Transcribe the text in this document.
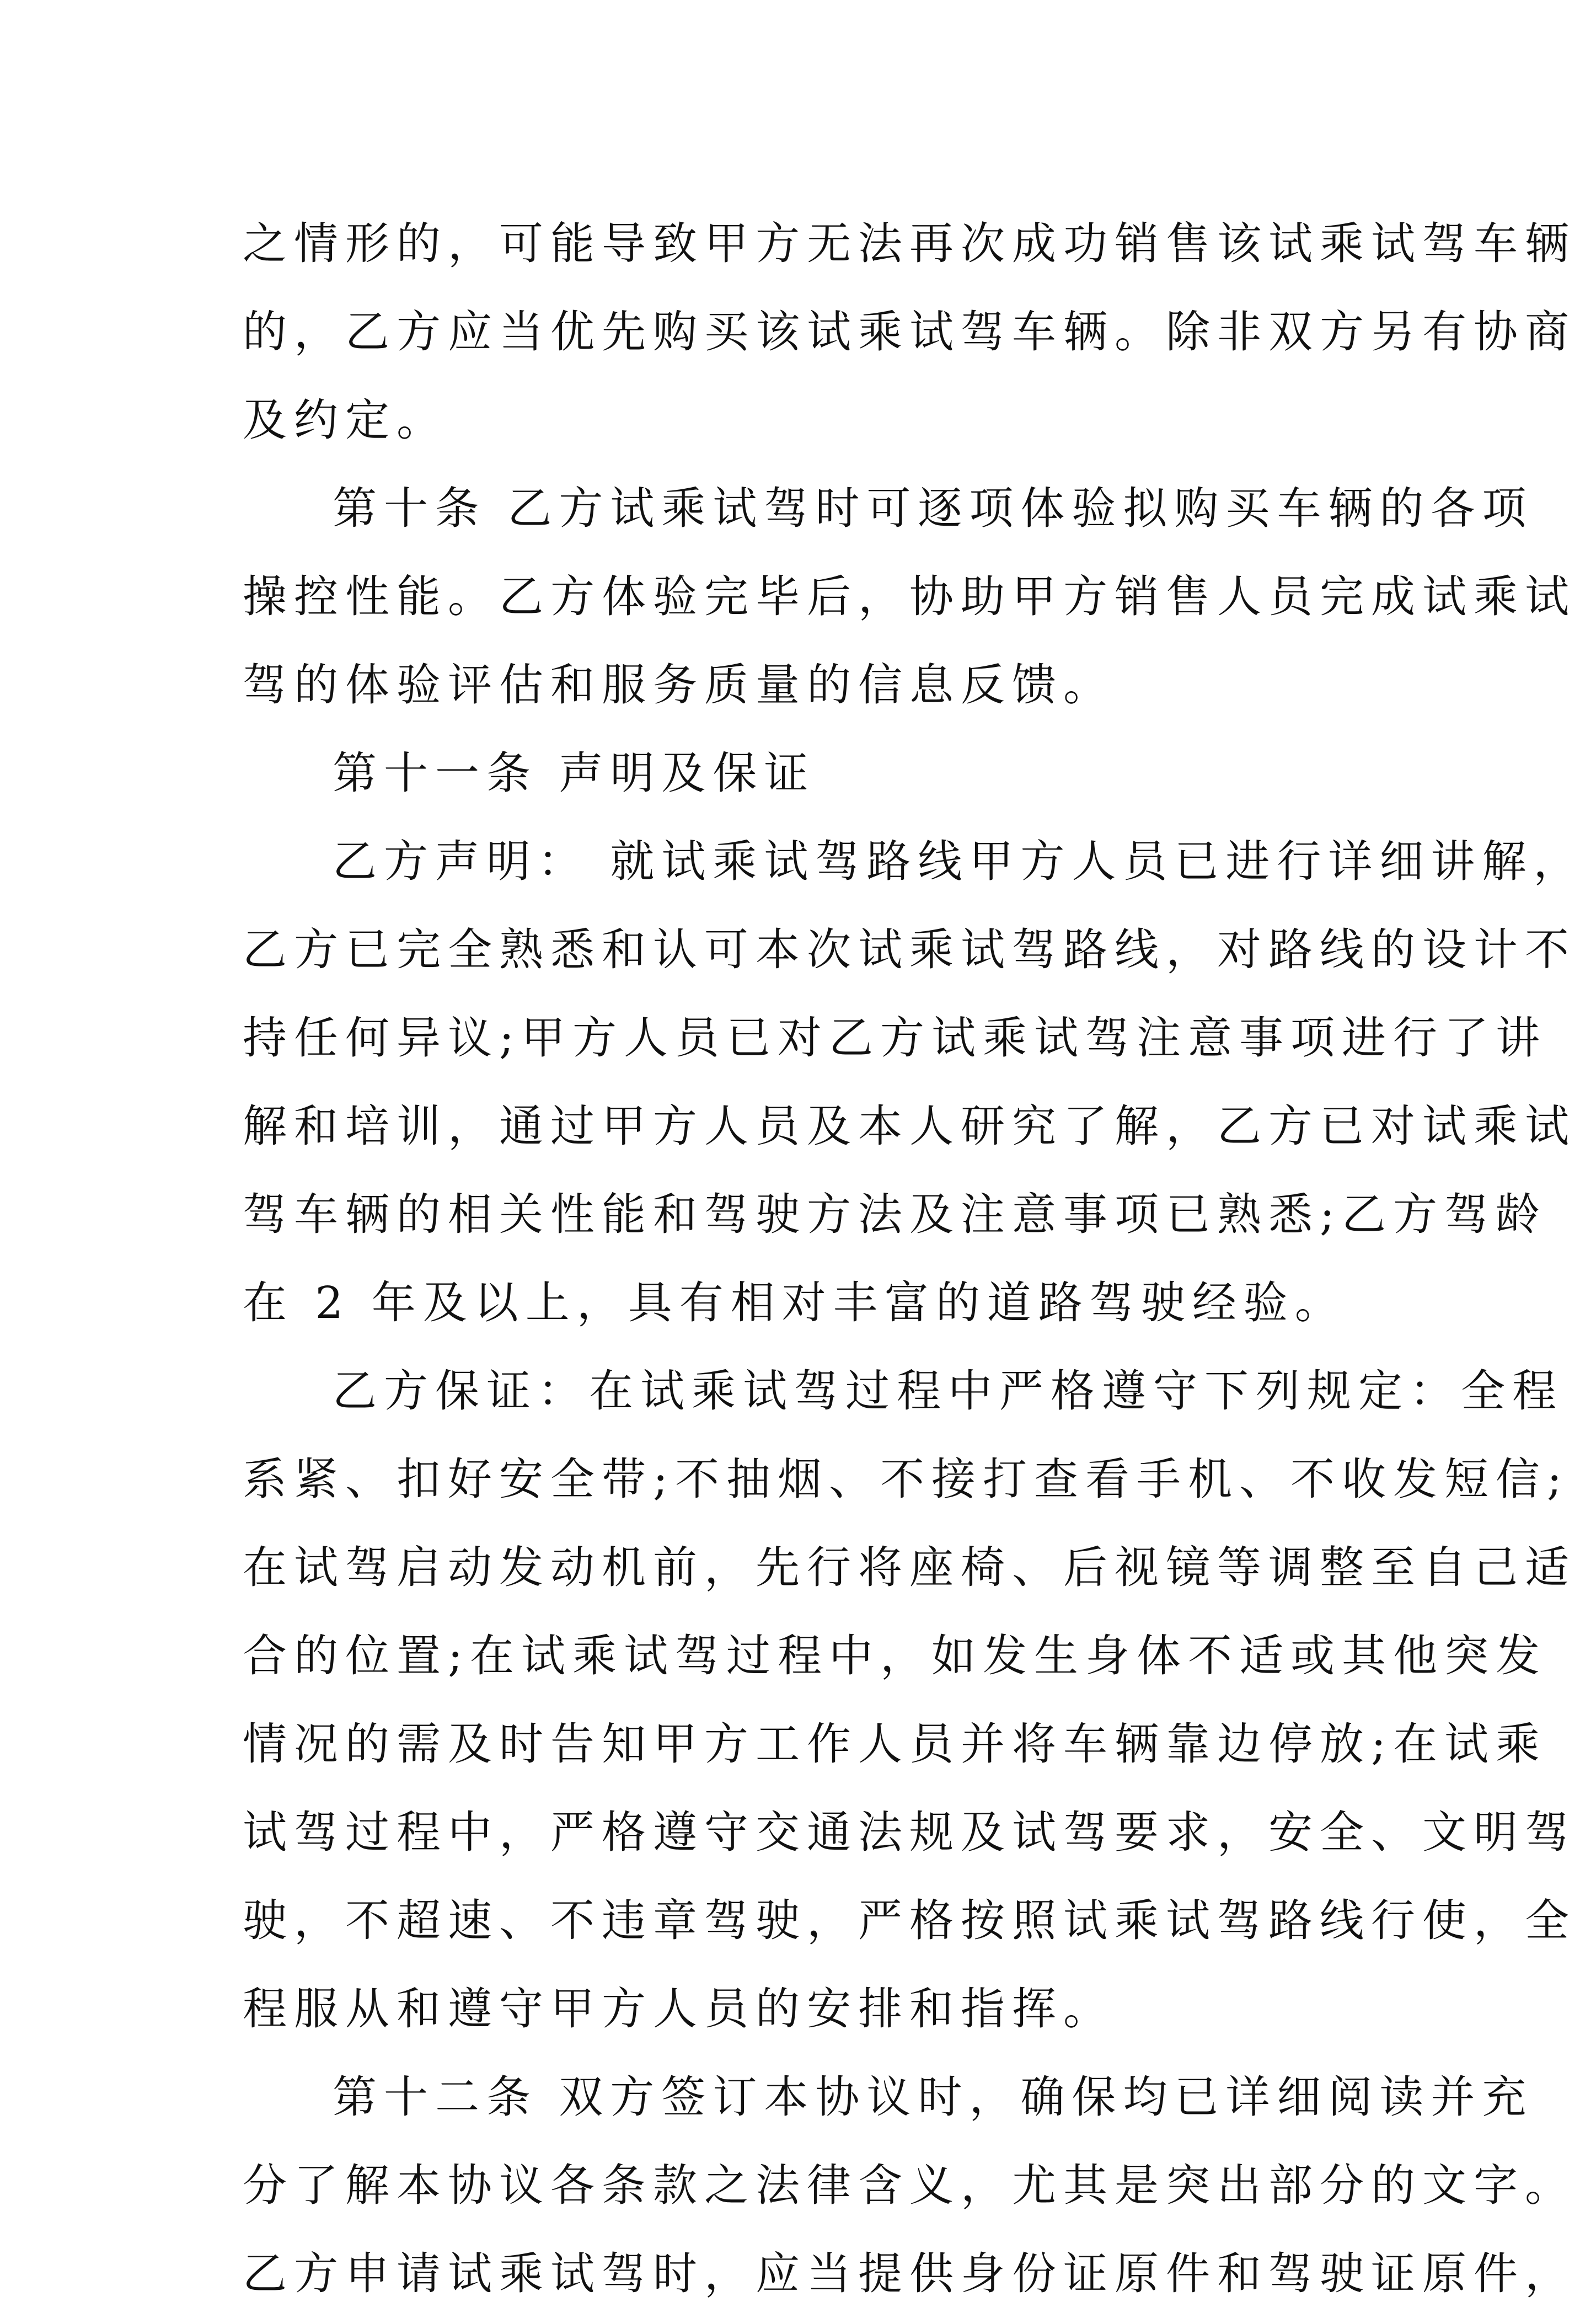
之情形的，可能导致甲方无法再次成功销售该试乘试驾车辆
的，乙方应当优先购买该试乘试驾车辆。除非双方另有协商
及约定。
第十条 乙方试乘试驾时可逐项体验拟购买车辆的各项
操控性能。乙方体验完毕后，协助甲方销售人员完成试乘试
驾的体验评估和服务质量的信息反馈。
第十一条 声明及保证
乙方声明： 就试乘试驾路线甲方人员已进行详细讲解，
乙方已完全熟悉和认可本次试乘试驾路线，对路线的设计不
持任何异议;甲方人员已对乙方试乘试驾注意事项进行了讲
解和培训，通过甲方人员及本人研究了解，乙方已对试乘试
驾车辆的相关性能和驾驶方法及注意事项已熟悉;乙方驾龄
在 2 年及以上，具有相对丰富的道路驾驶经验。
乙方保证：在试乘试驾过程中严格遵守下列规定：全程
系紧、扣好安全带;不抽烟、不接打查看手机、不收发短信;
在试驾启动发动机前，先行将座椅、后视镜等调整至自己适
合的位置;在试乘试驾过程中，如发生身体不适或其他突发
情况的需及时告知甲方工作人员并将车辆靠边停放;在试乘
试驾过程中，严格遵守交通法规及试驾要求，安全、文明驾
驶，不超速、不违章驾驶，严格按照试乘试驾路线行使，全
程服从和遵守甲方人员的安排和指挥。
第十二条 双方签订本协议时，确保均已详细阅读并充
分了解本协议各条款之法律含义，尤其是突出部分的文字。
乙方申请试乘试驾时，应当提供身份证原件和驾驶证原件，
